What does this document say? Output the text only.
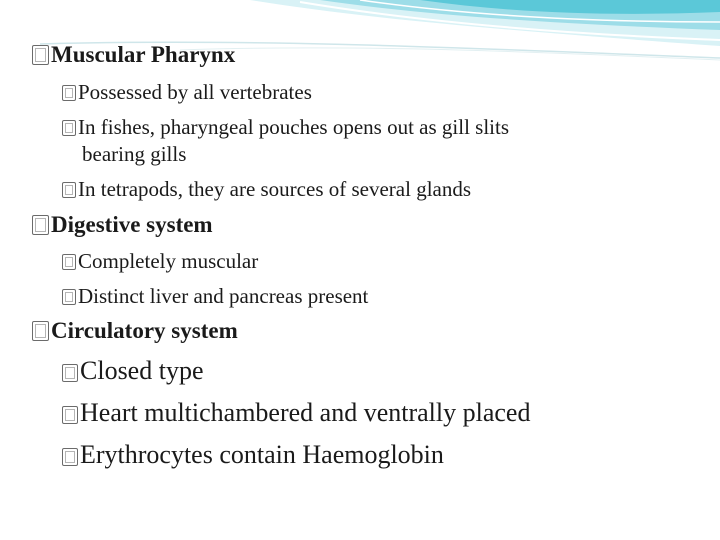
Muscular Pharynx
Possessed by all vertebrates
In fishes, pharyngeal pouches opens out as gill slits
bearing gills
In tetrapods, they are sources of several glands
Digestive system
Completely muscular
Distinct liver and pancreas present
Circulatory system
Closed type
Heart multichambered and ventrally placed
Erythrocytes contain Haemoglobin
